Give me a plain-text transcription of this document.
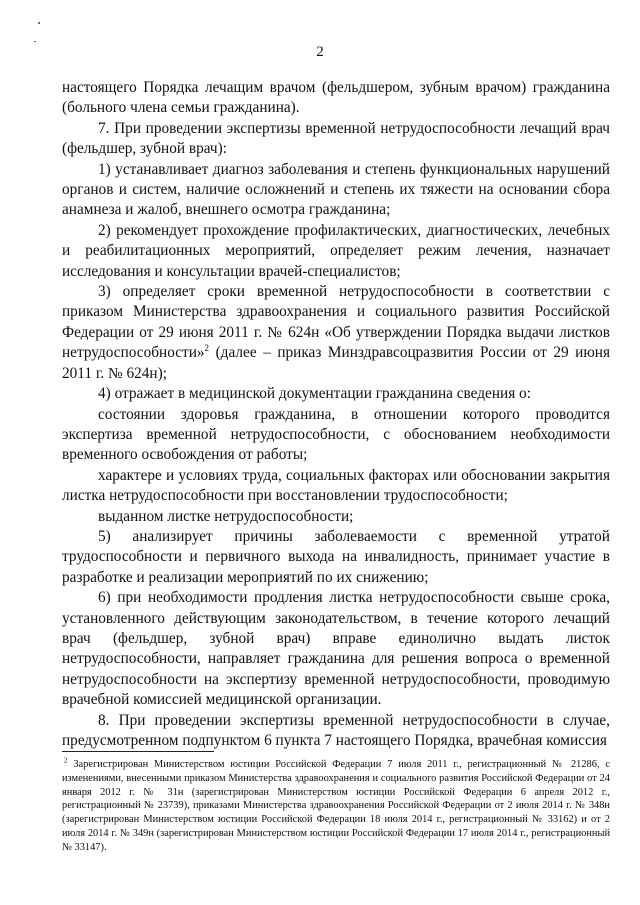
2

настоящего Порядка лечащим врачом (фельдшером, зубным врачом) гражданина (больного члена семьи гражданина).

7. При проведении экспертизы временной нетрудоспособности лечащий врач (фельдшер, зубной врач):

1) устанавливает диагноз заболевания и степень функциональных нарушений органов и систем, наличие осложнений и степень их тяжести на основании сбора анамнеза и жалоб, внешнего осмотра гражданина;

2) рекомендует прохождение профилактических, диагностических, лечебных и реабилитационных мероприятий, определяет режим лечения, назначает исследования и консультации врачей-специалистов;

3) определяет сроки временной нетрудоспособности в соответствии с приказом Министерства здравоохранения и социального развития Российской Федерации от 29 июня 2011 г. № 624н «Об утверждении Порядка выдачи листков нетрудоспособности»$^2$ (далее – приказ Минздравсоцразвития России от 29 июня 2011 г. № 624н);

4) отражает в медицинской документации гражданина сведения о:

состоянии здоровья гражданина, в отношении которого проводится экспертиза временной нетрудоспособности, с обоснованием необходимости временного освобождения от работы;

характере и условиях труда, социальных факторах или обосновании закрытия листка нетрудоспособности при восстановлении трудоспособности;

выданном листке нетрудоспособности;

5) анализирует причины заболеваемости с временной утратой трудоспособности и первичного выхода на инвалидность, принимает участие в разработке и реализации мероприятий по их снижению;

6) при необходимости продления листка нетрудоспособности свыше срока, установленного действующим законодательством, в течение которого лечащий врач (фельдшер, зубной врач) вправе единолично выдать листок нетрудоспособности, направляет гражданина для решения вопроса о временной нетрудоспособности на экспертизу временной нетрудоспособности, проводимую врачебной комиссией медицинской организации.

8. При проведении экспертизы временной нетрудоспособности в случае, предусмотренном подпунктом 6 пункта 7 настоящего Порядка, врачебная комиссия

$^2$ Зарегистрирован Министерством юстиции Российской Федерации 7 июля 2011 г., регистрационный № 21286, с изменениями, внесенными приказом Министерства здравоохранения и социального развития Российской Федерации от 24 января 2012 г. № 31н (зарегистрирован Министерством юстиции Российской Федерации 6 апреля 2012 г., регистрационный № 23739), приказами Министерства здравоохранения Российской Федерации от 2 июля 2014 г. № 348н (зарегистрирован Министерством юстиции Российской Федерации 18 июля 2014 г., регистрационный № 33162) и от 2 июля 2014 г. № 349н (зарегистрирован Министерством юстиции Российской Федерации 17 июля 2014 г., регистрационный № 33147).
